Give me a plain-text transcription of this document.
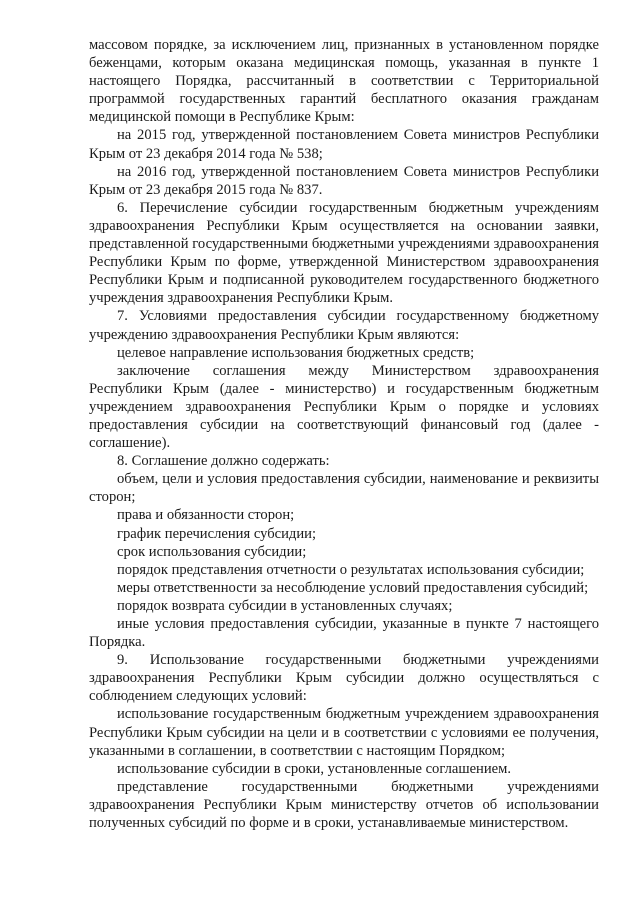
массовом порядке, за исключением лиц, признанных в установленном порядке беженцами, которым оказана медицинская помощь, указанная в пункте 1 настоящего Порядка, рассчитанный в соответствии с Территориальной программой государственных гарантий бесплатного оказания гражданам медицинской помощи в Республике Крым:

на 2015 год, утвержденной постановлением Совета министров Республики Крым от 23 декабря 2014 года № 538;

на 2016 год, утвержденной постановлением Совета министров Республики Крым от 23 декабря 2015 года № 837.

6. Перечисление субсидии государственным бюджетным учреждениям здравоохранения Республики Крым осуществляется на основании заявки, представленной государственными бюджетными учреждениями здравоохранения Республики Крым по форме, утвержденной Министерством здравоохранения Республики Крым и подписанной руководителем государственного бюджетного учреждения здравоохранения Республики Крым.

7. Условиями предоставления субсидии государственному бюджетному учреждению здравоохранения Республики Крым являются:

целевое направление использования бюджетных средств;

заключение соглашения между Министерством здравоохранения Республики Крым (далее - министерство) и государственным бюджетным учреждением здравоохранения Республики Крым о порядке и условиях предоставления субсидии на соответствующий финансовый год (далее - соглашение).

8. Соглашение должно содержать:

объем, цели и условия предоставления субсидии, наименование и реквизиты сторон;

права и обязанности сторон;

график перечисления субсидии;

срок использования субсидии;

порядок представления отчетности о результатах использования субсидии;

меры ответственности за несоблюдение условий предоставления субсидий;

порядок возврата субсидии в установленных случаях;

иные условия предоставления субсидии, указанные в пункте 7 настоящего Порядка.

9. Использование государственными бюджетными учреждениями здравоохранения Республики Крым субсидии должно осуществляться с соблюдением следующих условий:

использование государственным бюджетным учреждением здравоохранения Республики Крым субсидии на цели и в соответствии с условиями ее получения, указанными в соглашении, в соответствии с настоящим Порядком;

использование субсидии в сроки, установленные соглашением.

представление государственными бюджетными учреждениями здравоохранения Республики Крым министерству отчетов об использовании полученных субсидий по форме и в сроки, устанавливаемые министерством.
